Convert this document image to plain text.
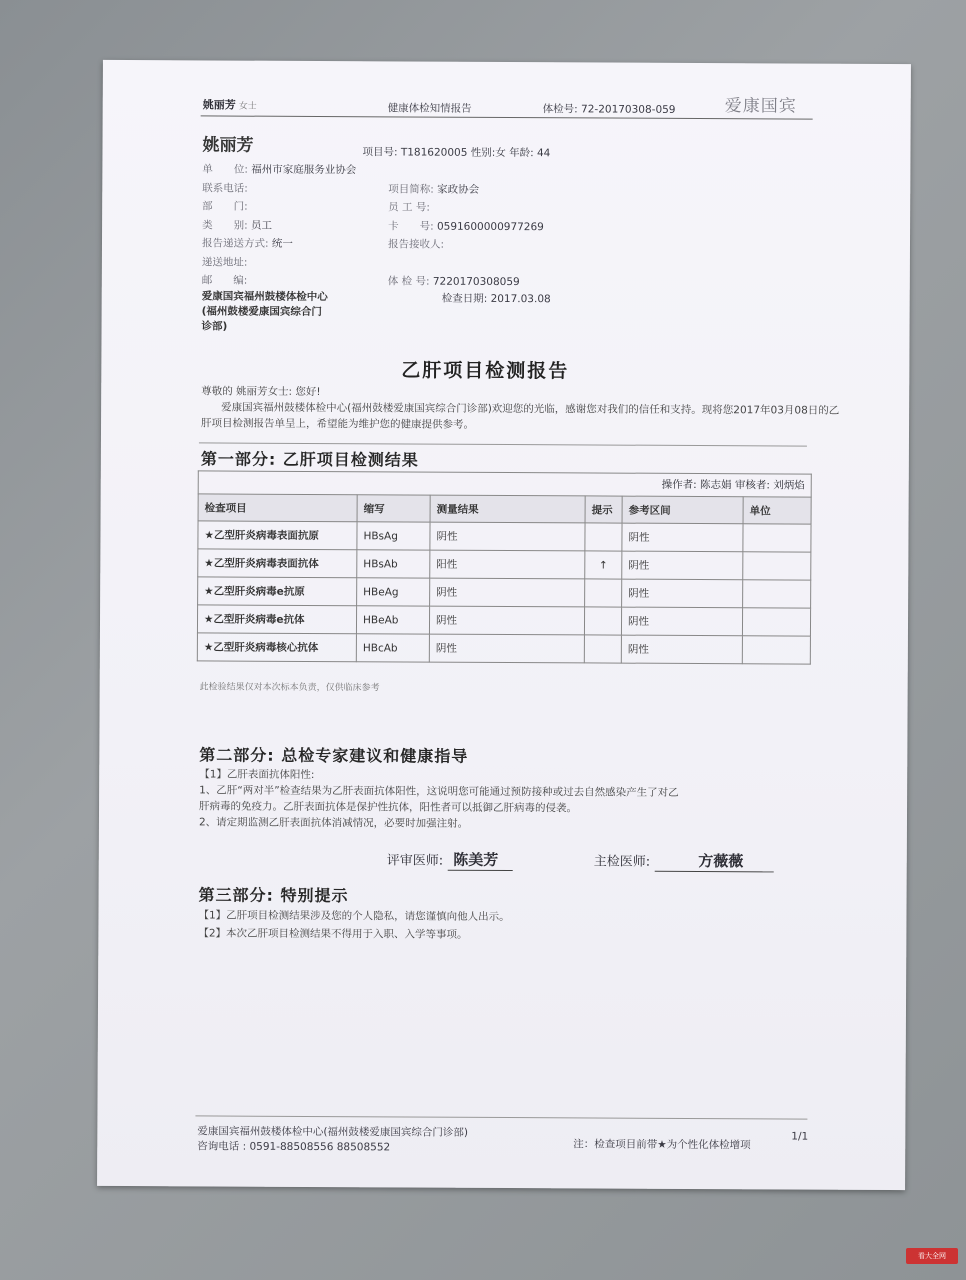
姚丽芳 女士	健康体检知情报告	体检号: 72-20170308-059	爱康国宾
姚丽芳	项目号: T181620005 性别:女 年龄: 44
单　　位: 福州市家庭服务业协会
联系电话:	项目简称: 家政协会
部　　门:	员 工 号:
类　　别: 员工	卡　　号: 0591600000977269
报告递送方式: 统一	报告接收人:
递送地址:
邮　　编:	体 检 号: 7220170308059
爱康国宾福州鼓楼体检中心
(福州鼓楼爱康国宾综合门
诊部)
检查日期: 2017.03.08
乙肝项目检测报告
尊敬的 姚丽芳女士: 您好!
爱康国宾福州鼓楼体检中心(福州鼓楼爱康国宾综合门诊部)欢迎您的光临，感谢您对我们的信任和支持。现将您2017年03月08日的乙肝项目检测报告单呈上，希望能为维护您的健康提供参考。
第一部分: 乙肝项目检测结果
操作者: 陈志娟 审核者: 刘炳焰
检查项目	缩写	测量结果	提示	参考区间	单位
★乙型肝炎病毒表面抗原	HBsAg	阴性		阴性	
★乙型肝炎病毒表面抗体	HBsAb	阳性	↑	阴性	
★乙型肝炎病毒e抗原	HBeAg	阴性		阴性	
★乙型肝炎病毒e抗体	HBeAb	阴性		阴性	
★乙型肝炎病毒核心抗体	HBcAb	阴性		阴性	
此检验结果仅对本次标本负责，仅供临床参考
第二部分: 总检专家建议和健康指导
【1】乙肝表面抗体阳性:
1、乙肝“两对半”检查结果为乙肝表面抗体阳性，这说明您可能通过预防接种或过去自然感染产生了对乙
肝病毒的免疫力。乙肝表面抗体是保护性抗体，阳性者可以抵御乙肝病毒的侵袭。
2、请定期监测乙肝表面抗体消减情况，必要时加强注射。
评审医师: 陈美芳	主检医师:	方薇薇
第三部分: 特别提示
【1】乙肝项目检测结果涉及您的个人隐私，请您谨慎向他人出示。
【2】本次乙肝项目检测结果不得用于入职、入学等事项。
爱康国宾福州鼓楼体检中心(福州鼓楼爱康国宾综合门诊部)
咨询电话 : 0591-88508556 88508552	注：检查项目前带★为个性化体检增项
1/1
看大全网
